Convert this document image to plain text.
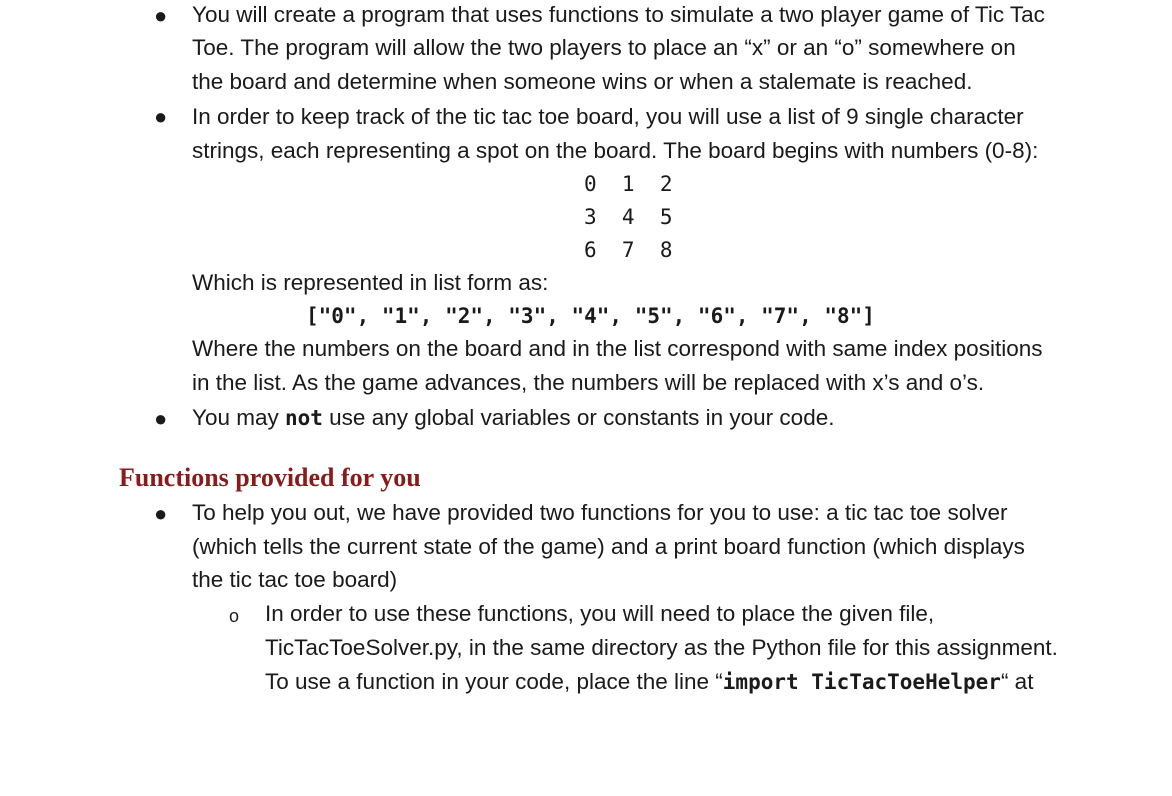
● You will create a program that uses functions to simulate a two player game of Tic Tac
Toe. The program will allow the two players to place an “x” or an “o” somewhere on
the board and determine when someone wins or when a stalemate is reached.
● In order to keep track of the tic tac toe board, you will use a list of 9 single character
strings, each representing a spot on the board. The board begins with numbers (0-8):
0  1  2
3  4  5
6  7  8
Which is represented in list form as:
["0", "1", "2", "3", "4", "5", "6", "7", "8"]
Where the numbers on the board and in the list correspond with same index positions
in the list. As the game advances, the numbers will be replaced with x’s and o’s.
● You may not use any global variables or constants in your code.
Functions provided for you
● To help you out, we have provided two functions for you to use: a tic tac toe solver
(which tells the current state of the game) and a print board function (which displays
the tic tac toe board)
o In order to use these functions, you will need to place the given file,
TicTacToeSolver.py, in the same directory as the Python file for this assignment.
To use a function in your code, place the line “import TicTacToeHelper“ at
